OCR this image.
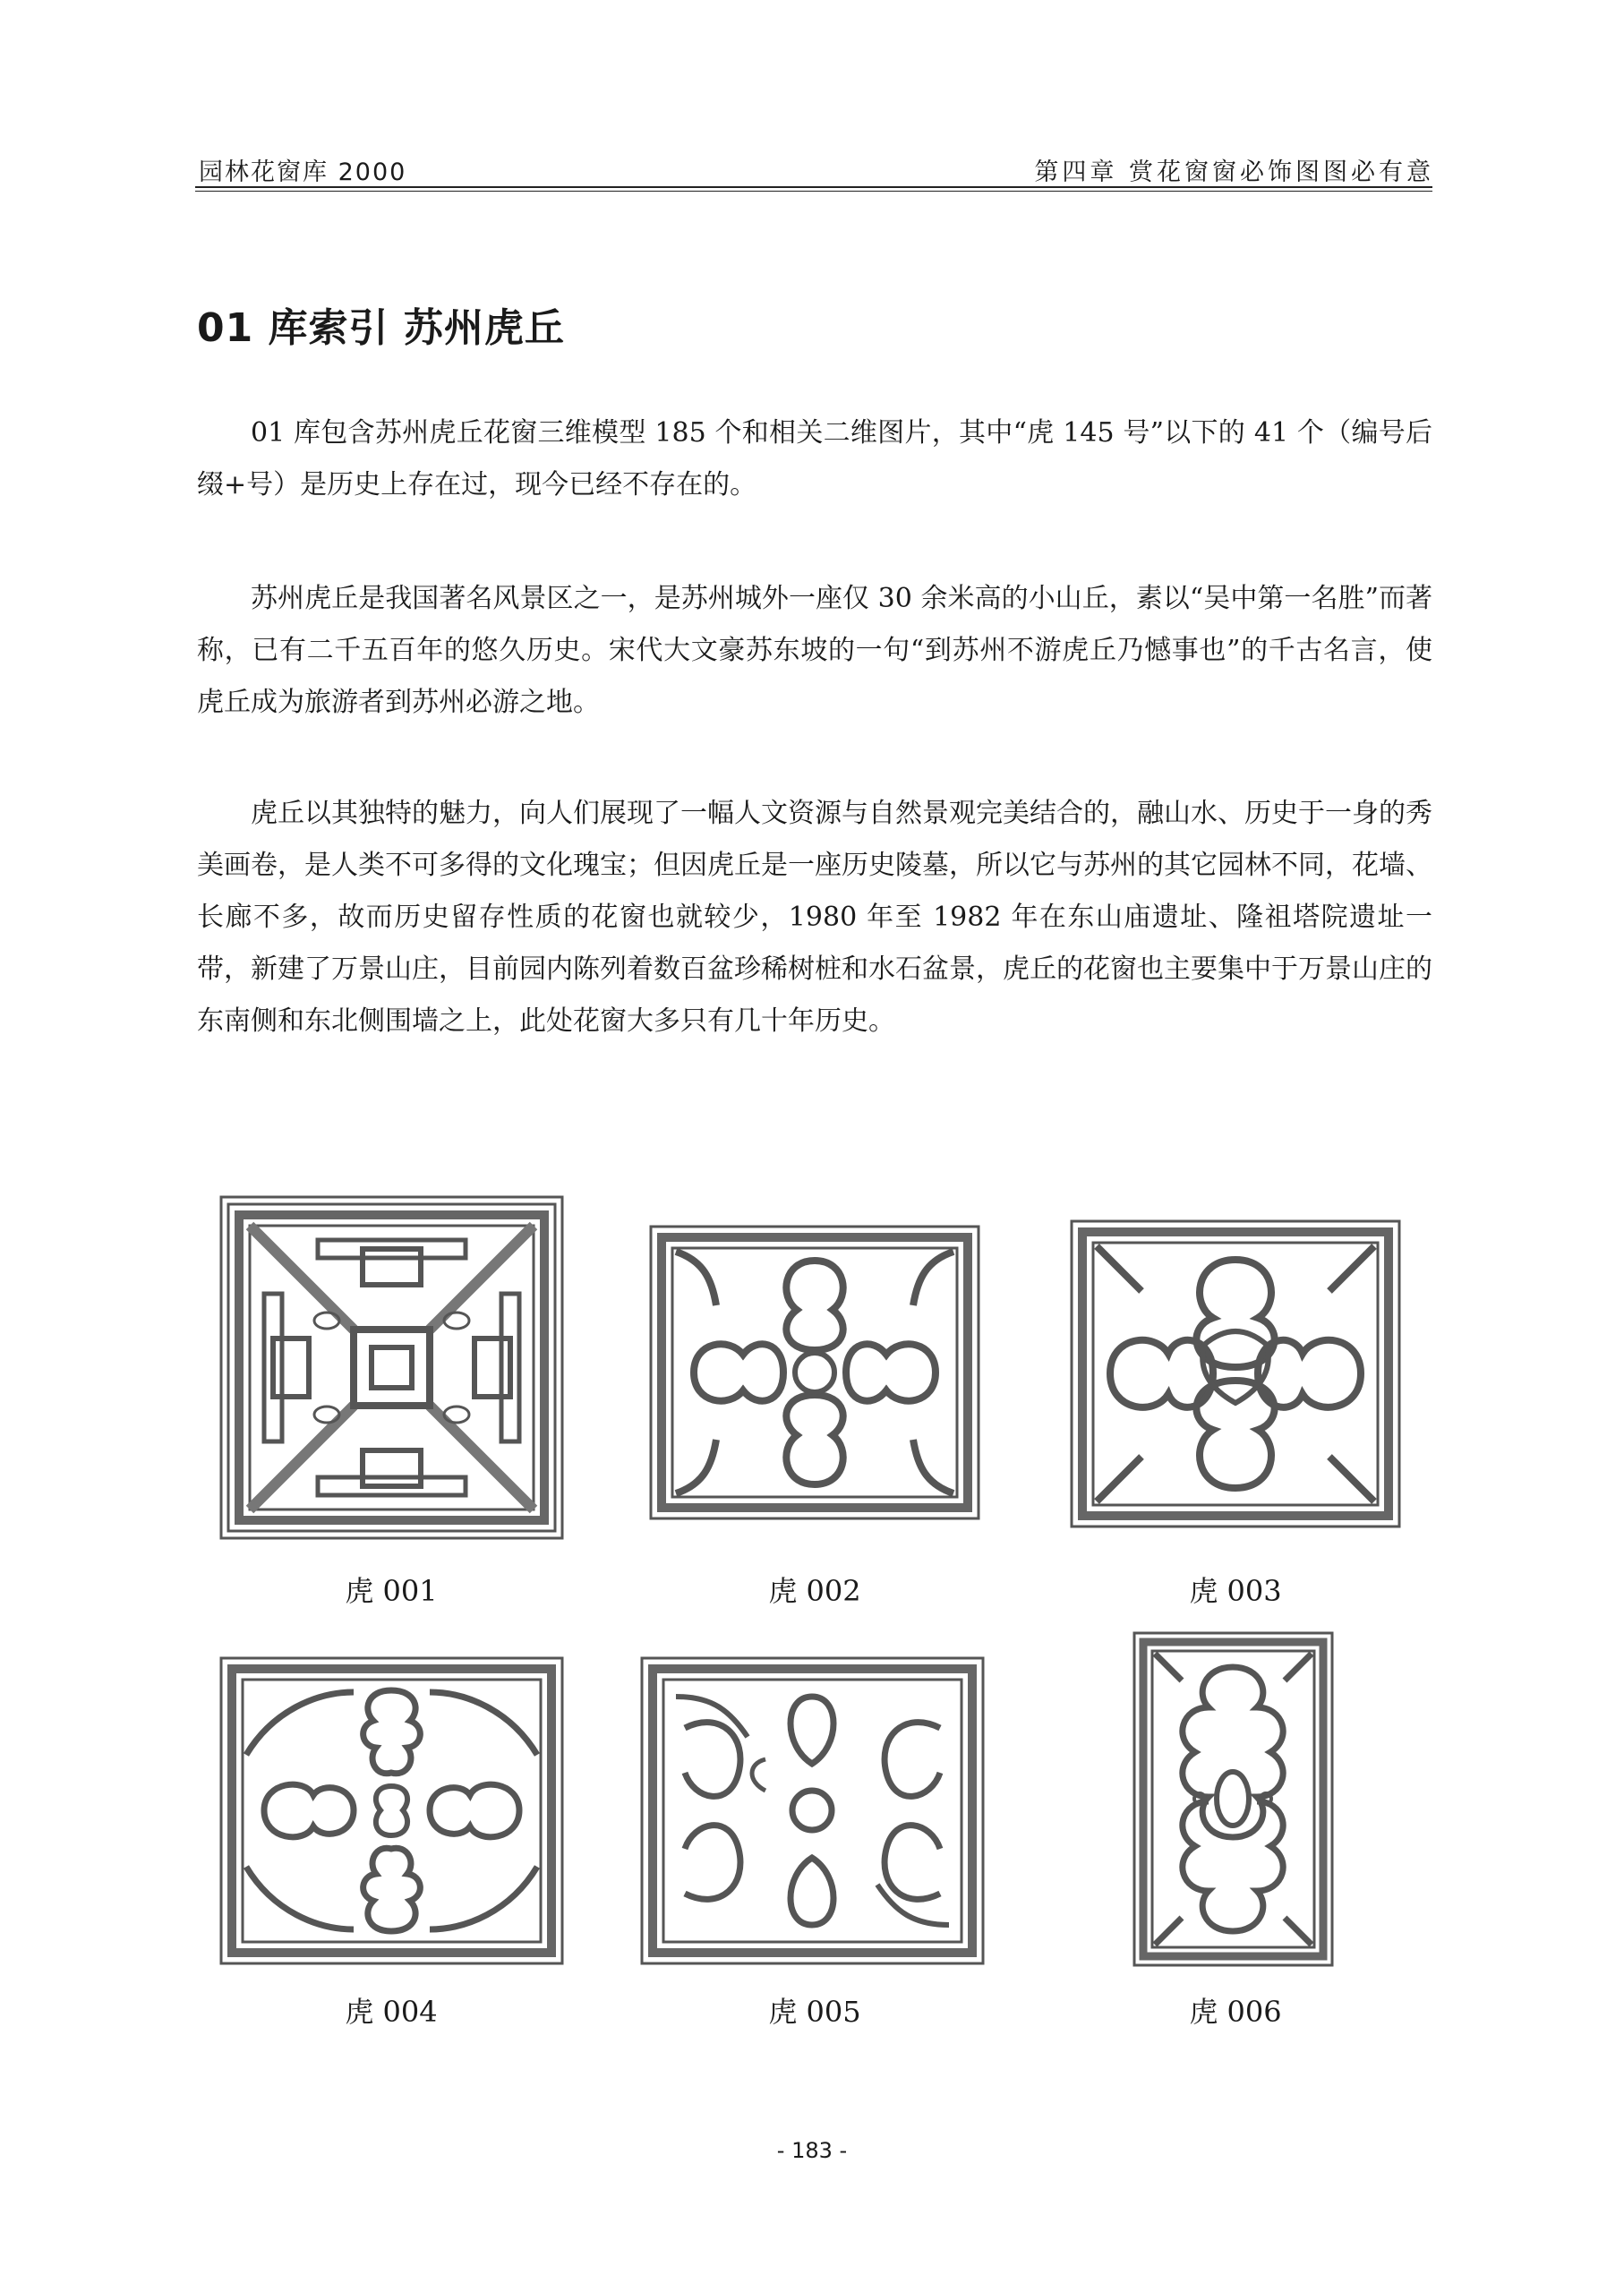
园林花窗库 2000	第四章 赏花窗窗必饰图图必有意
01 库索引 苏州虎丘

01 库包含苏州虎丘花窗三维模型 185 个和相关二维图片，其中“虎 145 号”以下的 41 个（编号后缀+号）是历史上存在过，现今已经不存在的。

苏州虎丘是我国著名风景区之一，是苏州城外一座仅 30 余米高的小山丘，素以“吴中第一名胜”而著称，已有二千五百年的悠久历史。宋代大文豪苏东坡的一句“到苏州不游虎丘乃憾事也”的千古名言，使虎丘成为旅游者到苏州必游之地。

虎丘以其独特的魅力，向人们展现了一幅人文资源与自然景观完美结合的，融山水、历史于一身的秀美画卷，是人类不可多得的文化瑰宝；但因虎丘是一座历史陵墓，所以它与苏州的其它园林不同，花墙、长廊不多，故而历史留存性质的花窗也就较少，1980 年至 1982 年在东山庙遗址、隆祖塔院遗址一带，新建了万景山庄，目前园内陈列着数百盆珍稀树桩和水石盆景，虎丘的花窗也主要集中于万景山庄的东南侧和东北侧围墙之上，此处花窗大多只有几十年历史。

虎 001	虎 002	虎 003
虎 004	虎 005	虎 006
- 183 -
